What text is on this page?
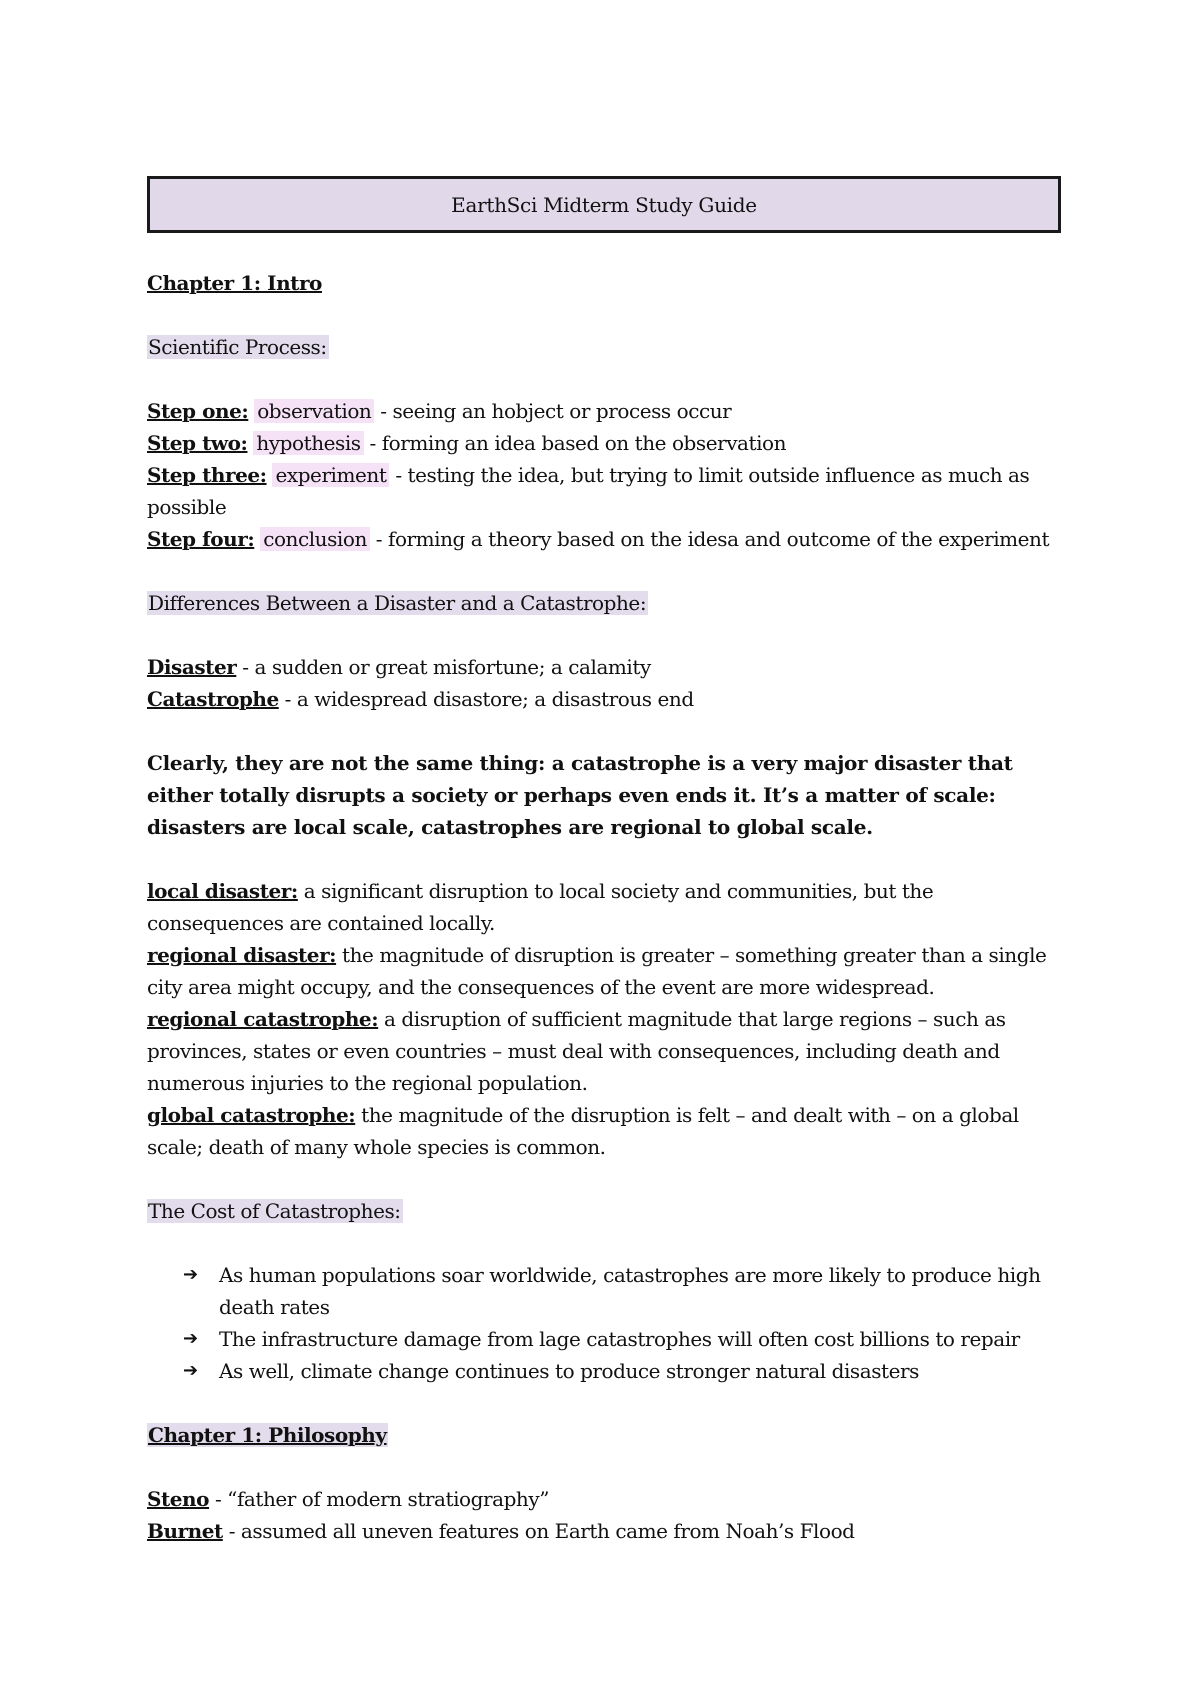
EarthSci Midterm Study Guide
Chapter 1: Intro
Scientific Process:
Step one: observation - seeing an hobject or process occur
Step two: hypothesis - forming an idea based on the observation
Step three: experiment - testing the idea, but trying to limit outside influence as much as possible
Step four: conclusion - forming a theory based on the idesa and outcome of the experiment
Differences Between a Disaster and a Catastrophe:
Disaster - a sudden or great misfortune; a calamity
Catastrophe - a widespread disastore; a disastrous end
Clearly, they are not the same thing: a catastrophe is a very major disaster that either totally disrupts a society or perhaps even ends it. It’s a matter of scale: disasters are local scale, catastrophes are regional to global scale.
local disaster: a significant disruption to local society and communities, but the consequences are contained locally.
regional disaster: the magnitude of disruption is greater – something greater than a single city area might occupy, and the consequences of the event are more widespread.
regional catastrophe: a disruption of sufficient magnitude that large regions – such as provinces, states or even countries – must deal with consequences, including death and numerous injuries to the regional population.
global catastrophe: the magnitude of the disruption is felt – and dealt with – on a global scale; death of many whole species is common.
The Cost of Catastrophes:
➔ As human populations soar worldwide, catastrophes are more likely to produce high death rates
➔ The infrastructure damage from lage catastrophes will often cost billions to repair
➔ As well, climate change continues to produce stronger natural disasters
Chapter 1: Philosophy
Steno - “father of modern stratiography”
Burnet - assumed all uneven features on Earth came from Noah’s Flood
